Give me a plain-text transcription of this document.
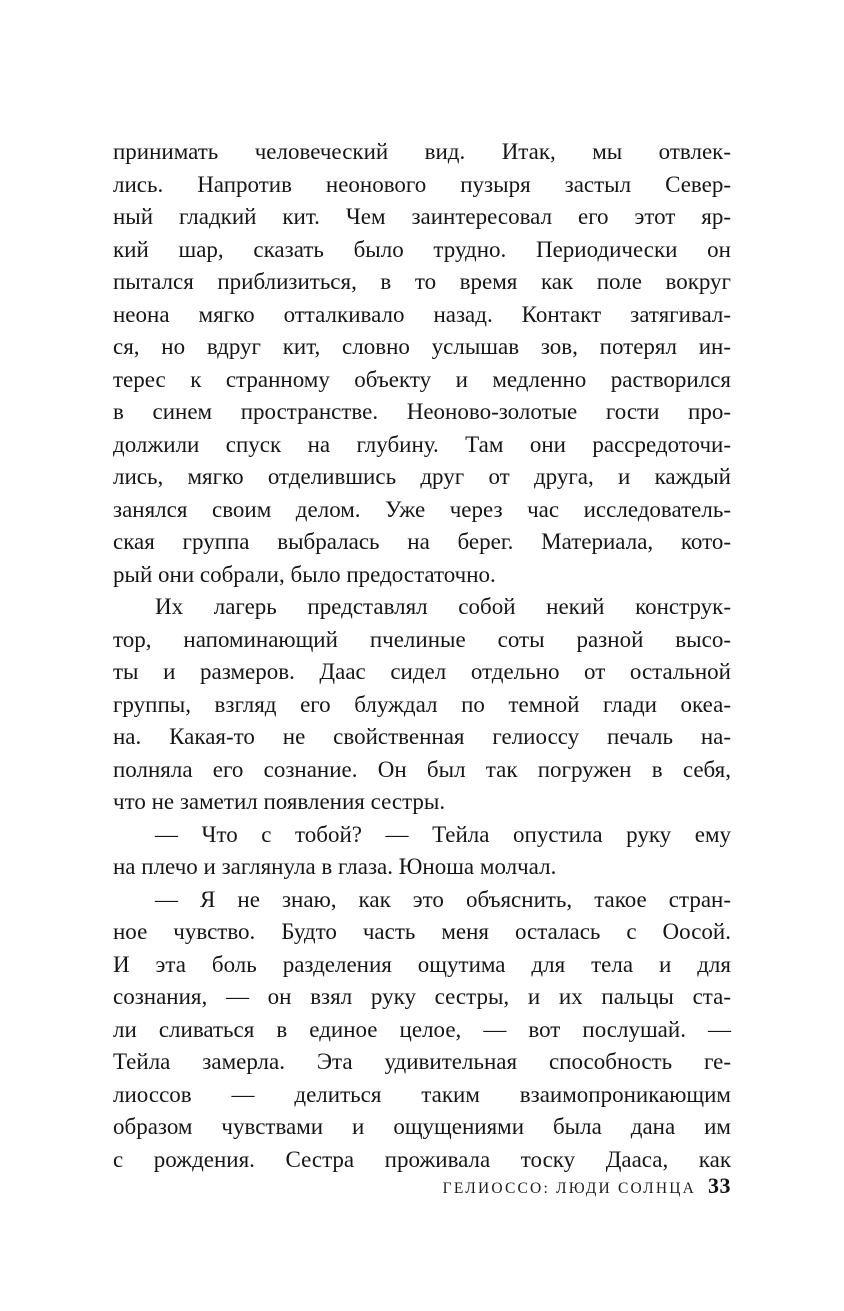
принимать человеческий вид. Итак, мы отвлек-
лись. Напротив неонового пузыря застыл Север-
ный гладкий кит. Чем заинтересовал его этот яр-
кий шар, сказать было трудно. Периодически он
пытался приблизиться, в то время как поле вокруг
неона мягко отталкивало назад. Контакт затягивал-
ся, но вдруг кит, словно услышав зов, потерял ин-
терес к странному объекту и медленно растворился
в синем пространстве. Неоново-золотые гости про-
должили спуск на глубину. Там они рассредоточи-
лись, мягко отделившись друг от друга, и каждый
занялся своим делом. Уже через час исследователь-
ская группа выбралась на берег. Материала, кото-
рый они собрали, было предостаточно.
Их лагерь представлял собой некий конструк-
тор, напоминающий пчелиные соты разной высо-
ты и размеров. Даас сидел отдельно от остальной
группы, взгляд его блуждал по темной глади океа-
на. Какая-то не свойственная гелиоссу печаль на-
полняла его сознание. Он был так погружен в себя,
что не заметил появления сестры.
— Что с тобой? — Тейла опустила руку ему
на плечо и заглянула в глаза. Юноша молчал.
— Я не знаю, как это объяснить, такое стран-
ное чувство. Будто часть меня осталась с Оосой.
И эта боль разделения ощутима для тела и для
сознания, — он взял руку сестры, и их пальцы ста-
ли сливаться в единое целое, — вот послушай. —
Тейла замерла. Эта удивительная способность ге-
лиоссов — делиться таким взаимопроникающим
образом чувствами и ощущениями была дана им
с рождения. Сестра проживала тоску Дааса, как
ГЕЛИОССО: ЛЮДИ СОЛНЦА 33
